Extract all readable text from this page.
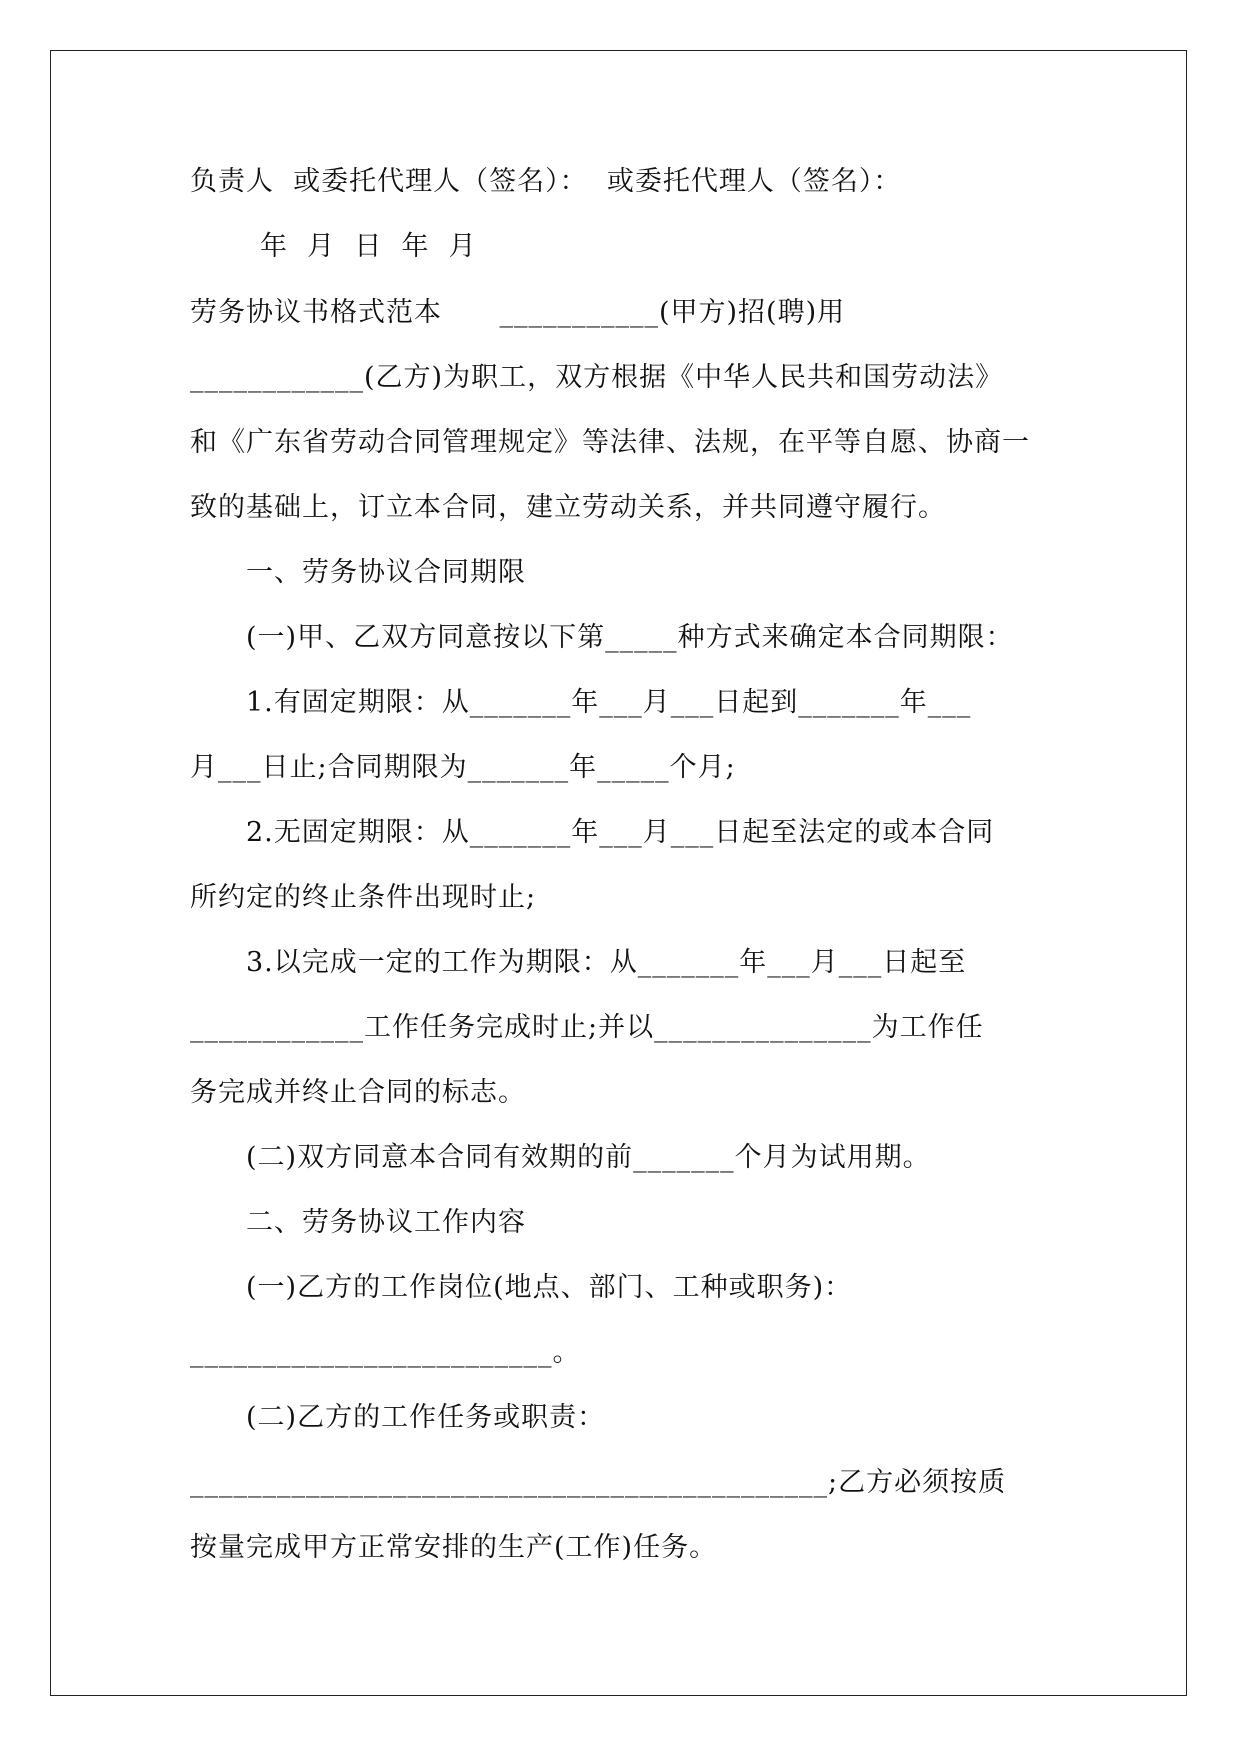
负责人  或委托代理人（签名）：  或委托代理人（签名）：
年  月  日  年  月
劳务协议书格式范本      ___________(甲方)招(聘)用
____________(乙方)为职工，双方根据《中华人民共和国劳动法》
和《广东省劳动合同管理规定》等法律、法规，在平等自愿、协商一
致的基础上，订立本合同，建立劳动关系，并共同遵守履行。
一、劳务协议合同期限
(一)甲、乙双方同意按以下第_____种方式来确定本合同期限：
1.有固定期限：从_______年___月___日起到_______年___
月___日止;合同期限为_______年_____个月;
2.无固定期限：从_______年___月___日起至法定的或本合同
所约定的终止条件出现时止;
3.以完成一定的工作为期限：从_______年___月___日起至
____________工作任务完成时止;并以_______________为工作任
务完成并终止合同的标志。
(二)双方同意本合同有效期的前_______个月为试用期。
二、劳务协议工作内容
(一)乙方的工作岗位(地点、部门、工种或职务)：
_________________________。
(二)乙方的工作任务或职责：
____________________________________________;乙方必须按质
按量完成甲方正常安排的生产(工作)任务。
